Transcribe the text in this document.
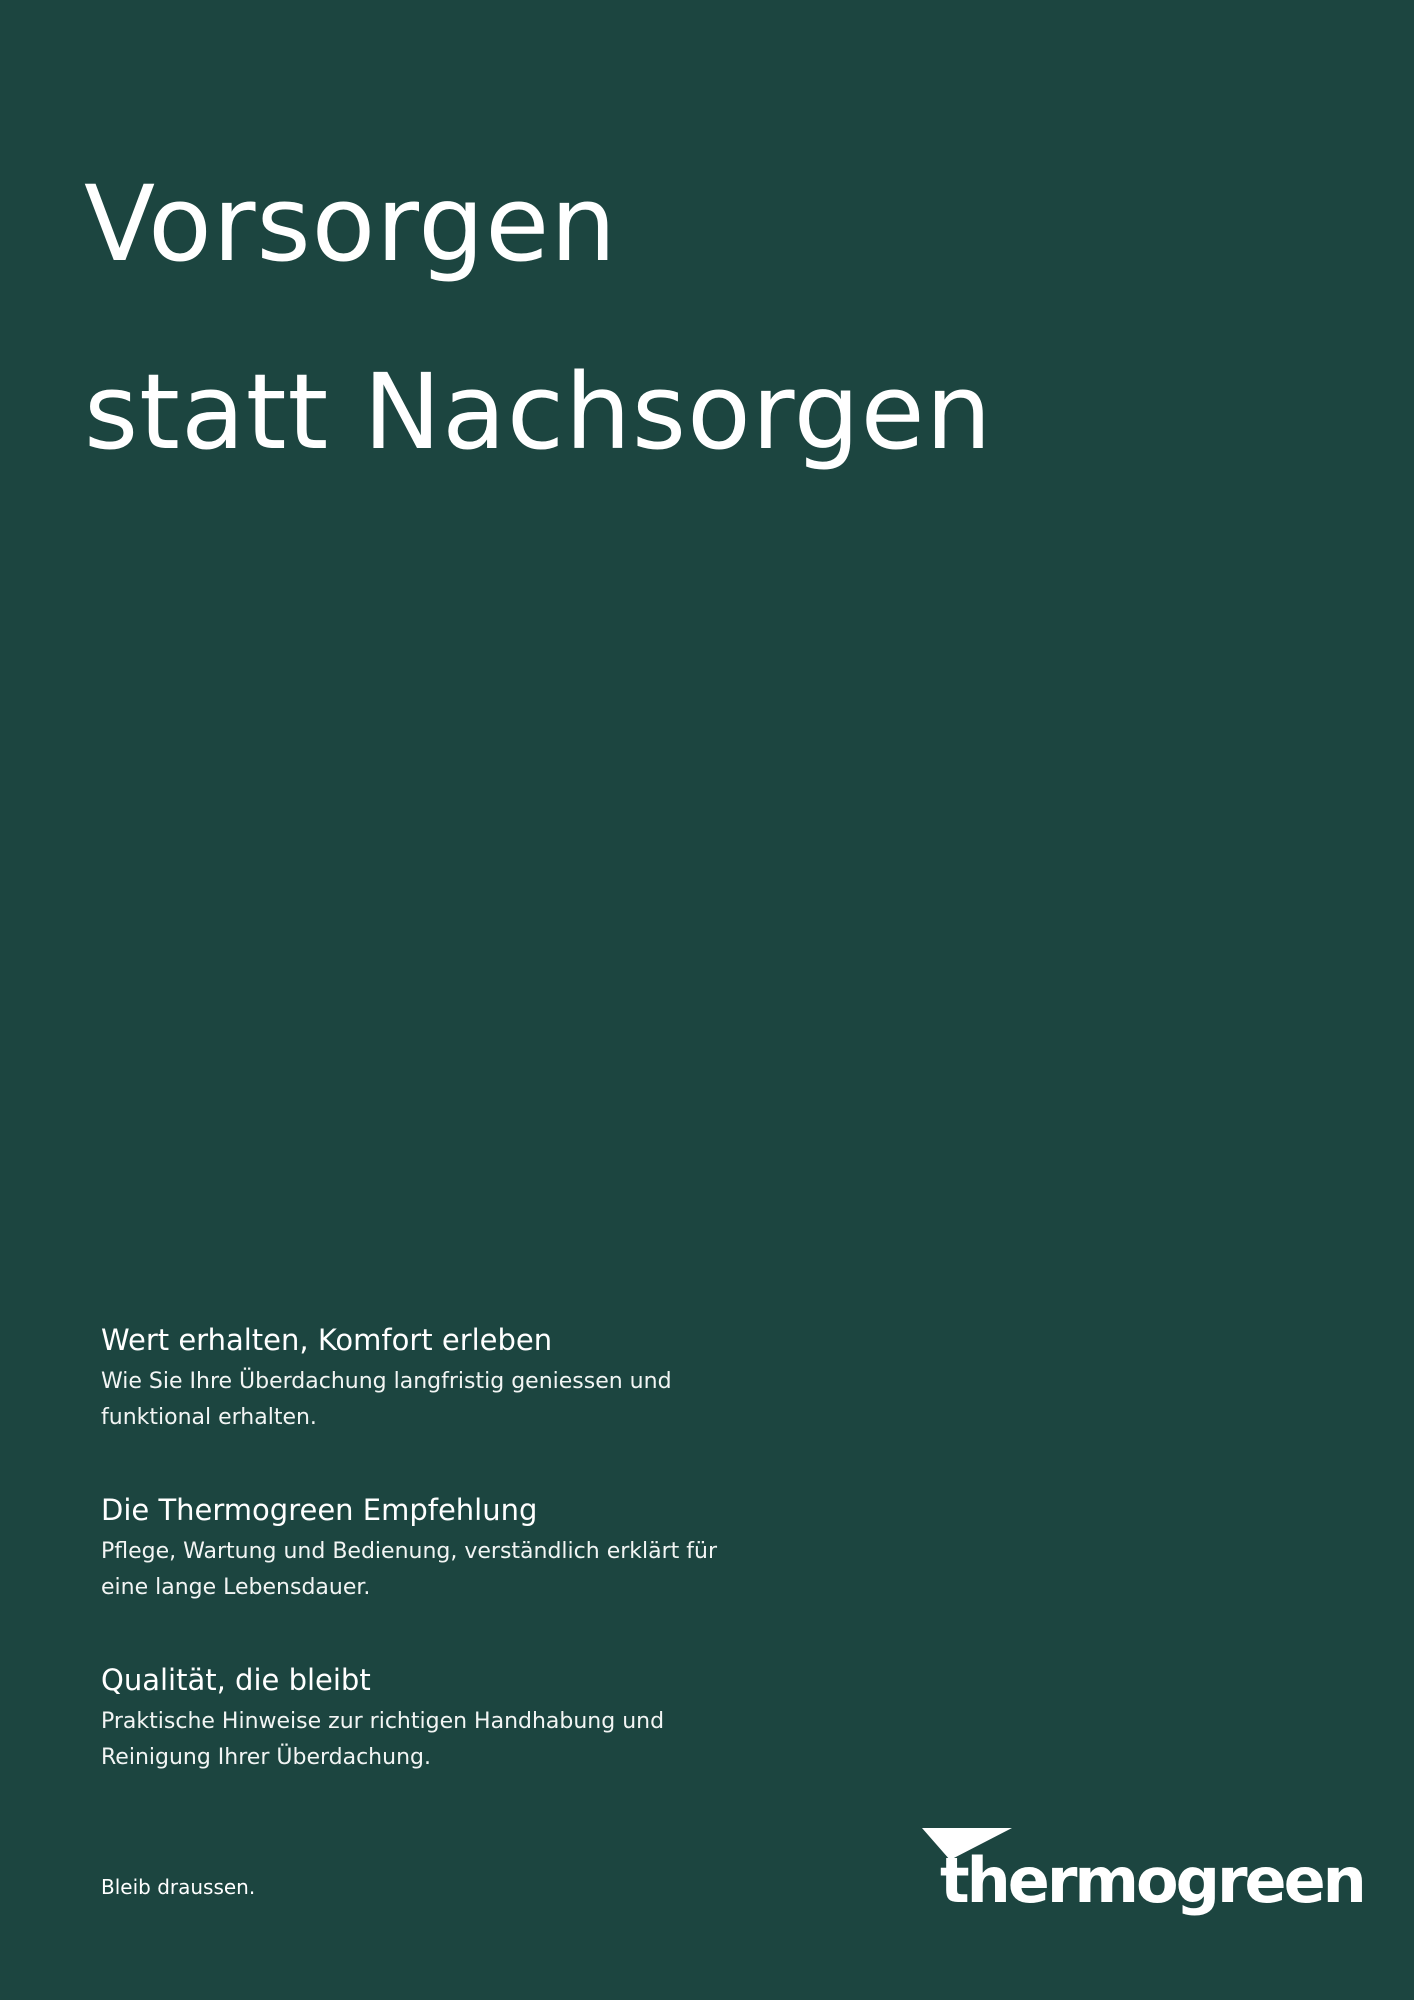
Vorsorgen
statt Nachsorgen
Wert erhalten, Komfort erleben

Wie Sie Ihre Überdachung langfristig geniessen und funktional erhalten.

Die Thermogreen Empfehlung

Pflege, Wartung und Bedienung, verständlich erklärt für eine lange Lebensdauer.

Qualität, die bleibt

Praktische Hinweise zur richtigen Handhabung und Reinigung Ihrer Überdachung.

Bleib draussen.	thermogreen
